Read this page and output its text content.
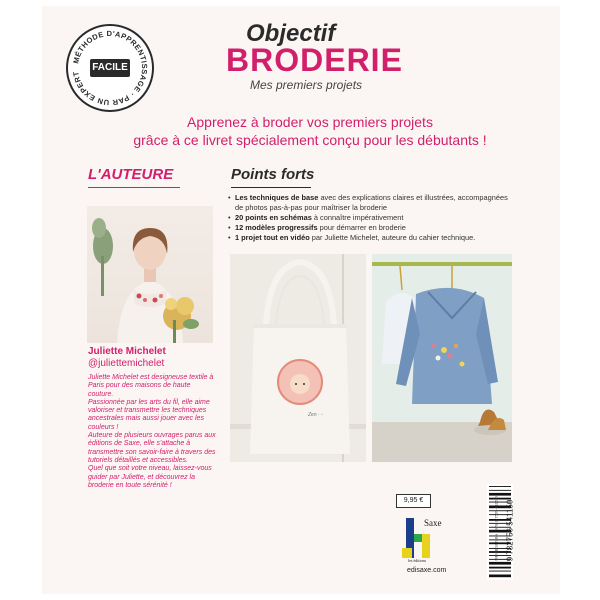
MÉTHODE D'APPRENTISSAGE · PAR UN EXPERT
FACILE !
Objectif
BRODERIE
Mes premiers projets
Apprenez à broder vos premiers projets
grâce à ce livret spécialement conçu pour les débutants !
L'AUTEURE	Points forts
• Les techniques de base avec des explications claires et illustrées, accompagnées de photos pas-à-pas pour maîtriser la broderie
• 20 points en schémas à connaître impérativement
• 12 modèles progressifs pour démarrer en broderie
• 1 projet tout en vidéo par Juliette Michelet, auteure du cahier technique.
Juliette Michelet
@juliettemichelet

Juliette Michelet est designeuse textile à Paris pour des maisons de haute couture.

Passionnée par les arts du fil, elle aime valoriser et transmettre les techniques ancestrales mais aussi jouer avec les couleurs !

Auteure de plusieurs ouvrages parus aux éditions de Saxe, elle s'attache à transmettre son savoir-faire à travers des tutoriels détaillés et accessibles.

Quel que soit votre niveau, laissez-vous guider par Juliette, et découvrez la broderie en toute sérénité !

Zen · ◦
9,95 €
Saxe
les éditions
edisaxe.com
9 782756 541150
MBMB03-ISBN : 978-2-7565-4115-0
